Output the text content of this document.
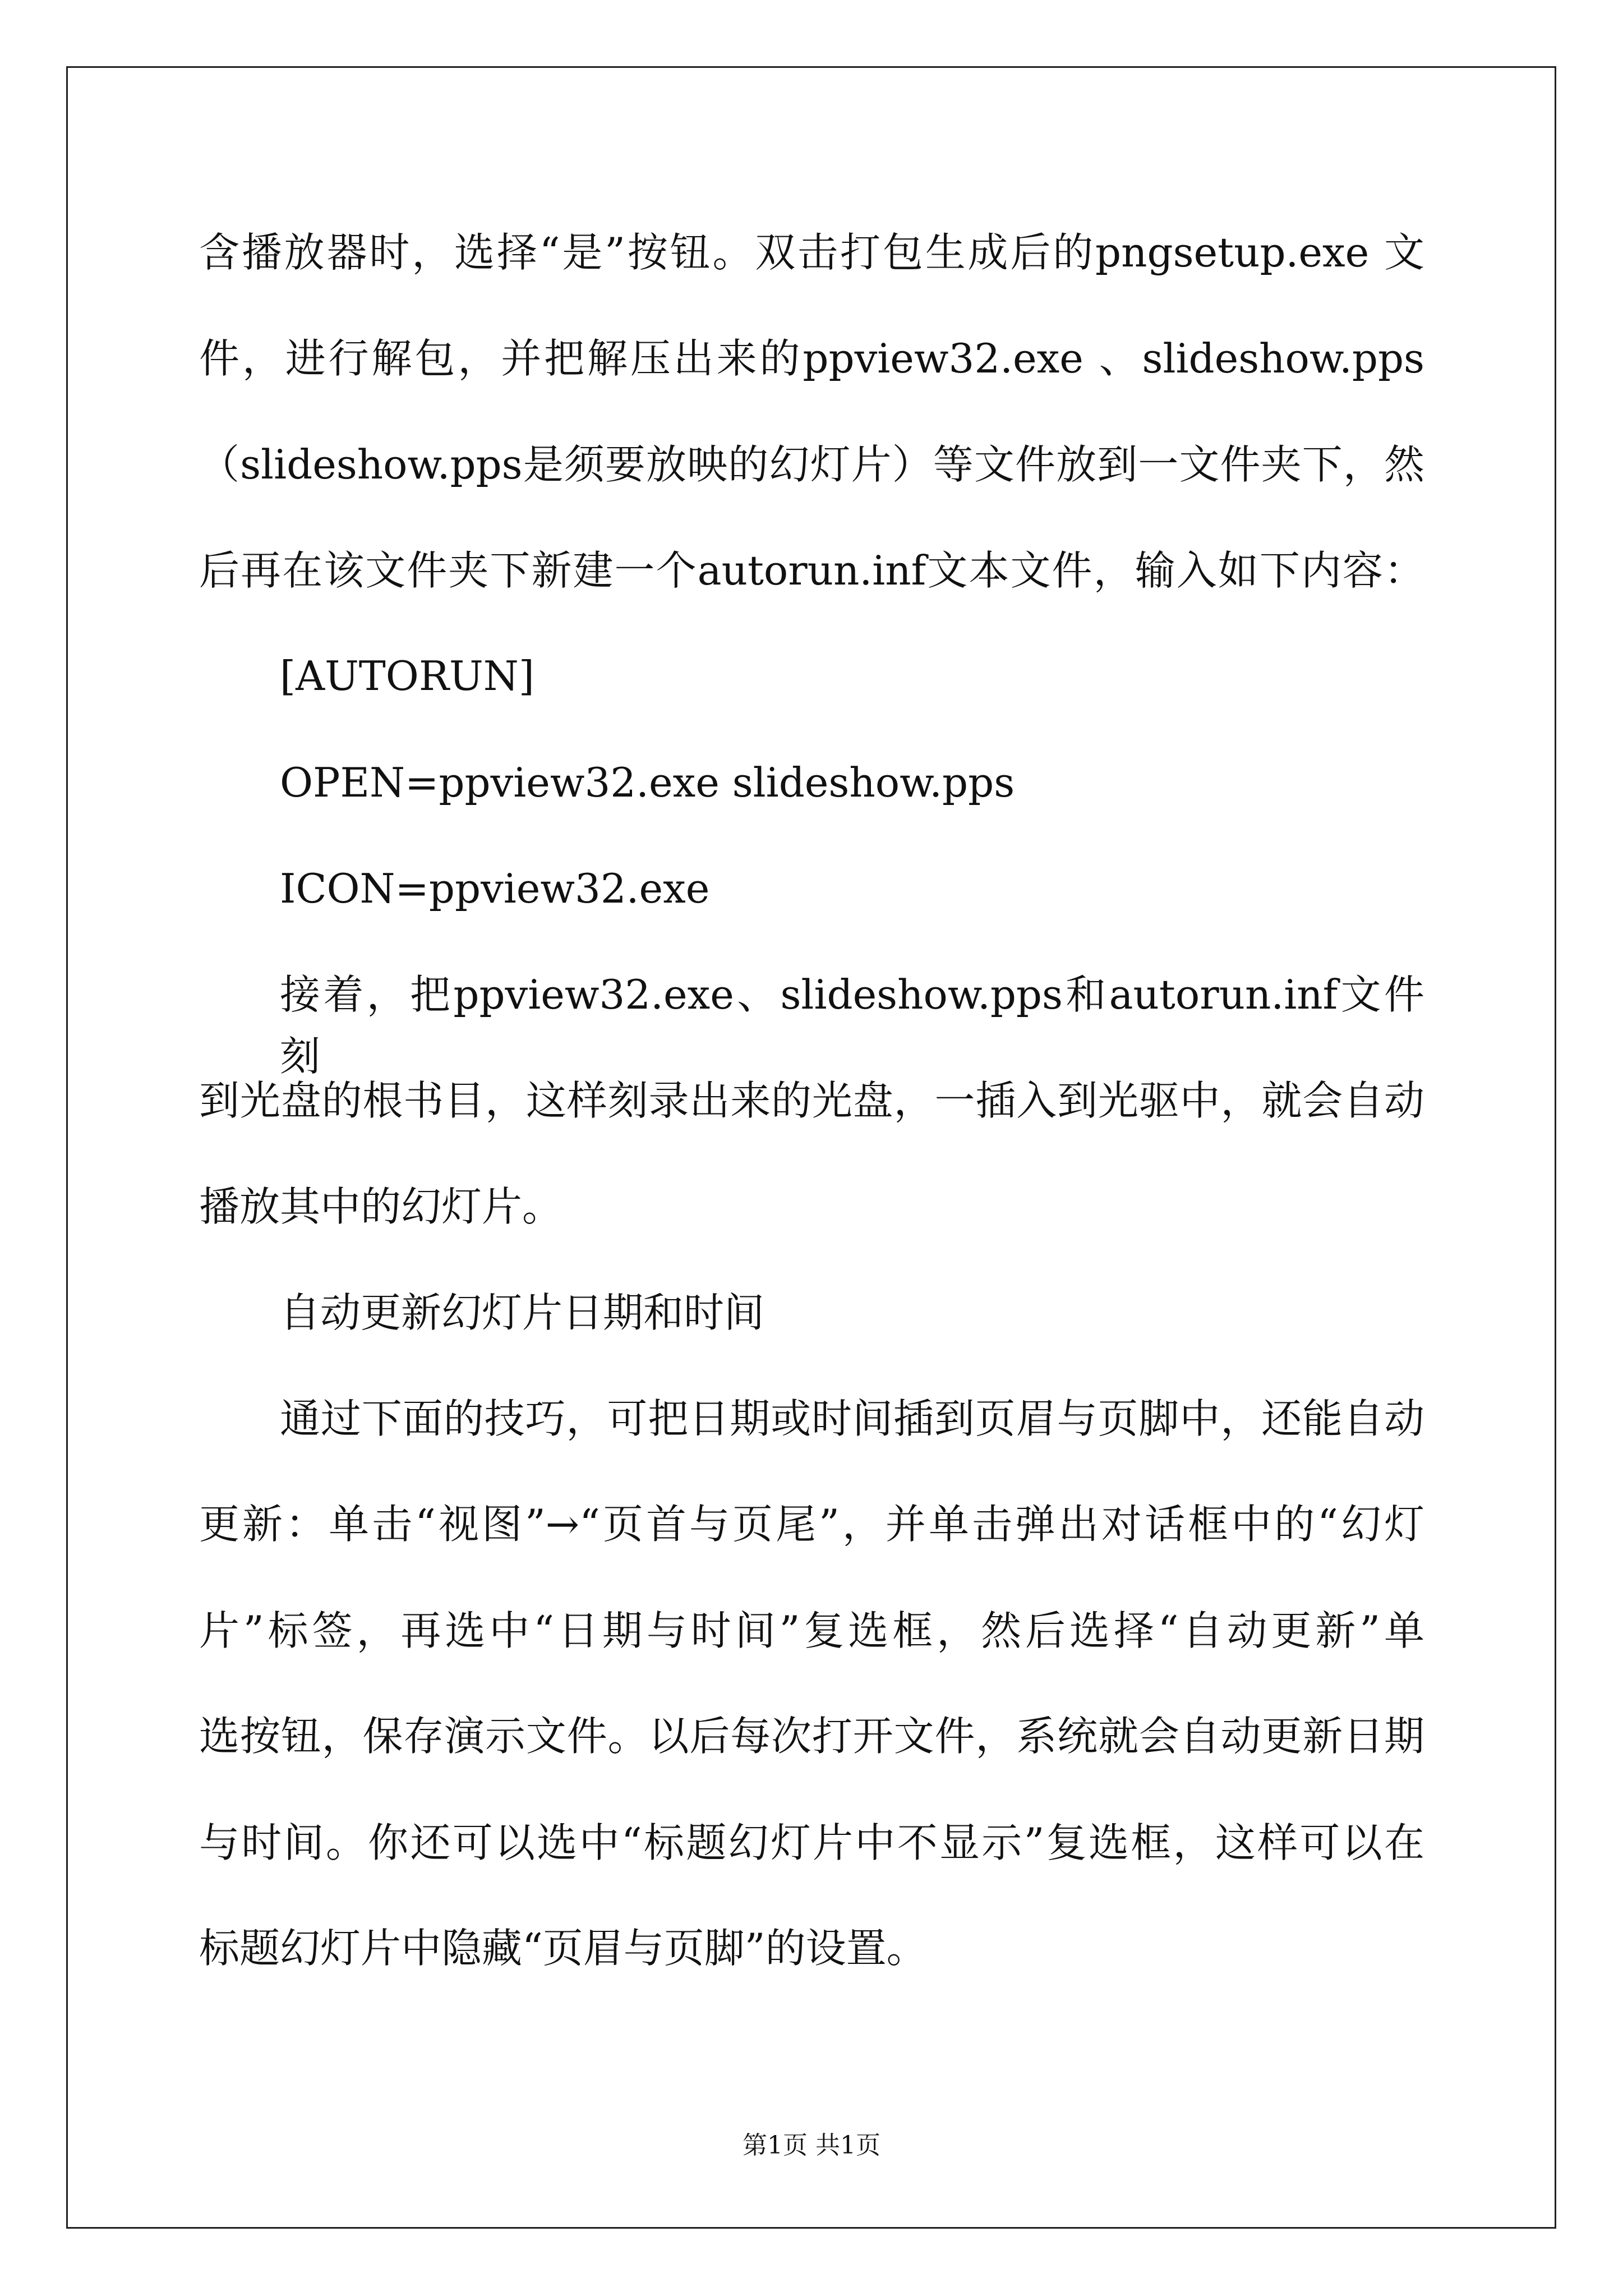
含播放器时，选择“是”按钮。双击打包生成后的pngsetup.exe 文
件，进行解包，并把解压出来的ppview32.exe 、slideshow.pps
（slideshow.pps是须要放映的幻灯片）等文件放到一文件夹下，然
后再在该文件夹下新建一个autorun.inf文本文件，输入如下内容：
[AUTORUN]
OPEN=ppview32.exe slideshow.pps
ICON=ppview32.exe
接着，把ppview32.exe、slideshow.pps和autorun.inf文件刻
到光盘的根书目，这样刻录出来的光盘，一插入到光驱中，就会自动
播放其中的幻灯片。
自动更新幻灯片日期和时间
通过下面的技巧，可把日期或时间插到页眉与页脚中，还能自动
更新：单击“视图”→“页首与页尾”，并单击弹出对话框中的“幻灯
片”标签，再选中“日期与时间”复选框，然后选择“自动更新”单
选按钮，保存演示文件。以后每次打开文件，系统就会自动更新日期
与时间。你还可以选中“标题幻灯片中不显示”复选框，这样可以在
标题幻灯片中隐藏“页眉与页脚”的设置。
第1页 共1页
